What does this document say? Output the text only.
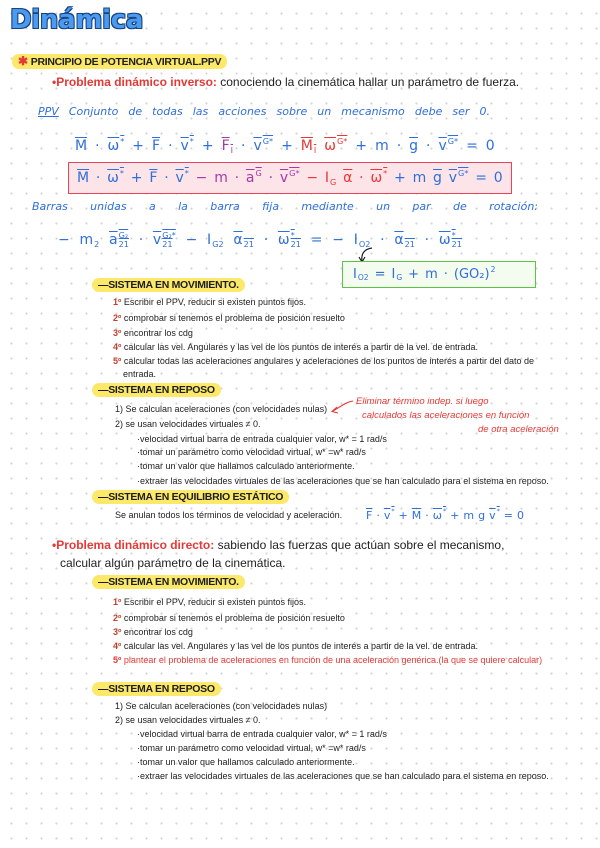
Dinámica
✱ PRINCIPIO DE POTENCIA VIRTUAL.PPV
•Problema dinámico inverso: conociendo la cinemática hallar un parámetro de fuerza.
PPV Conjunto de todas las acciones sobre un mecanismo debe ser 0.
$\overline{M} \cdot \omega$ * + $\overline{F} \cdot v$ * + F I · v G* + M I ω $G* + m \cdot \overline{g} \cdot v$ G* = 0
$\overline{M} \cdot \omega$ * + $\overline{F} \cdot v$ * − m · a G · v G* − I G $\overline{\alpha} \cdot \omega$ * + m $\overline{g}$ v G* = 0
Barras unidas a la barra fija mediante un par de rotación:
− m 2 a G₂
21 · v G₂*
21 − I G2 α 21 · ω *
21 = − I O2 · α 21 · ω *
21
I O2 = I G + m · (GO₂) 2
—SISTEMA EN MOVIMIENTO.
1º Escribir el PPV, reducir si existen puntos fijos.
2º comprobar si tenemos el problema de posición resuelto
3º encontrar los cdg
4º calcular las vel. Angulares y las vel de los puntos de interés a partir de la vel. de entrada.
5º calcular todas las aceleraciones angulares y aceleraciones de los puntos de interés a partir del dato de
entrada.
—SISTEMA EN REPOSO
1) Se calculan aceleraciones (con velocidades nulas)
2) se usan velocidades virtuales ≠ 0.
·velocidad virtual barra de entrada cualquier valor, w* = 1 rad/s
·tomar un parámetro como velocidad virtual, w* =w* rad/s
·tomar un valor que hallamos calculado anteriormente.
·extraer las velocidades virtuales de las aceleraciones que se han calculado para el sistema en reposo.
Eliminar término indep. si luego
calculados las aceleraciones en función
de otra aceleración
—SISTEMA EN EQUILIBRIO ESTÁTICO
Se anulan todos los términos de velocidad y aceleración. $\overline{F} \cdot v$ * + $\overline{M} \cdot \omega$ * + m g v * = 0
•Problema dinámico directo: sabiendo las fuerzas que actúan sobre el mecanismo,
calcular algún parámetro de la cinemática.
—SISTEMA EN MOVIMIENTO.
1º Escribir el PPV, reducir si existen puntos fijos.
2º comprobar si tenemos el problema de posición resuelto
3º encontrar los cdg
4º calcular las vel. Angulares y las vel de los puntos de interés a partir de la vel. de entrada.
5º plantear el problema de aceleraciones en función de una aceleración genérica.(la que se quiere calcular)
—SISTEMA EN REPOSO
1) Se calculan aceleraciones (con velocidades nulas)
2) se usan velocidades virtuales ≠ 0.
·velocidad virtual barra de entrada cualquier valor, w* = 1 rad/s
·tomar un parámetro como velocidad virtual, w* =w* rad/s
·tomar un valor que hallamos calculado anteriormente.
·extraer las velocidades virtuales de las aceleraciones que se han calculado para el sistema en reposo.
